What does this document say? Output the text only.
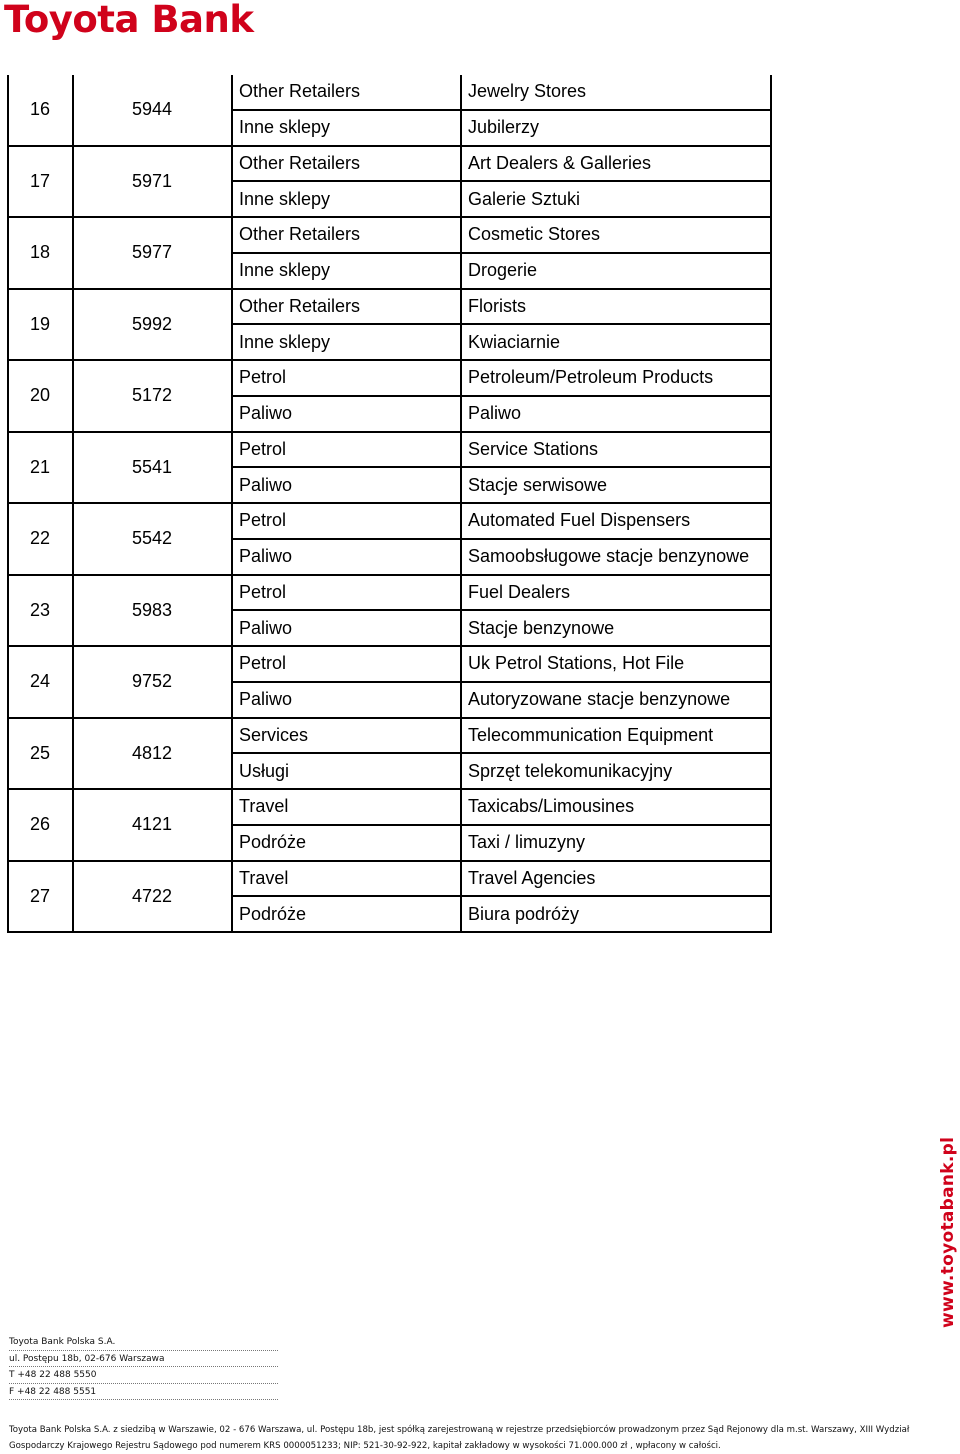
Toyota Bank
16	5944	Other Retailers	Jewelry Stores
		Inne sklepy	Jubilerzy
17	5971	Other Retailers	Art Dealers & Galleries
		Inne sklepy	Galerie Sztuki
18	5977	Other Retailers	Cosmetic Stores
		Inne sklepy	Drogerie
19	5992	Other Retailers	Florists
		Inne sklepy	Kwiaciarnie
20	5172	Petrol	Petroleum/Petroleum Products
		Paliwo	Paliwo
21	5541	Petrol	Service Stations
		Paliwo	Stacje serwisowe
22	5542	Petrol	Automated Fuel Dispensers
		Paliwo	Samoobsługowe stacje benzynowe
23	5983	Petrol	Fuel Dealers
		Paliwo	Stacje benzynowe
24	9752	Petrol	Uk Petrol Stations, Hot File
		Paliwo	Autoryzowane stacje benzynowe
25	4812	Services	Telecommunication Equipment
		Usługi	Sprzęt telekomunikacyjny
26	4121	Travel	Taxicabs/Limousines
		Podróże	Taxi / limuzyny
27	4722	Travel	Travel Agencies
		Podróże	Biura podróży
Toyota Bank Polska S.A.
ul. Postępu 18b, 02-676 Warszawa
T +48 22 488 5550
F +48 22 488 5551
Toyota Bank Polska S.A. z siedzibą w Warszawie, 02 - 676 Warszawa, ul. Postępu 18b, jest spółką zarejestrowaną w rejestrze przedsiębiorców prowadzonym przez Sąd Rejonowy dla m.st. Warszawy, XIII Wydział
Gospodarczy Krajowego Rejestru Sądowego pod numerem KRS 0000051233; NIP: 521-30-92-922, kapitał zakładowy w wysokości 71.000.000 zł , wpłacony w całości.
www.toyotabank.pl
